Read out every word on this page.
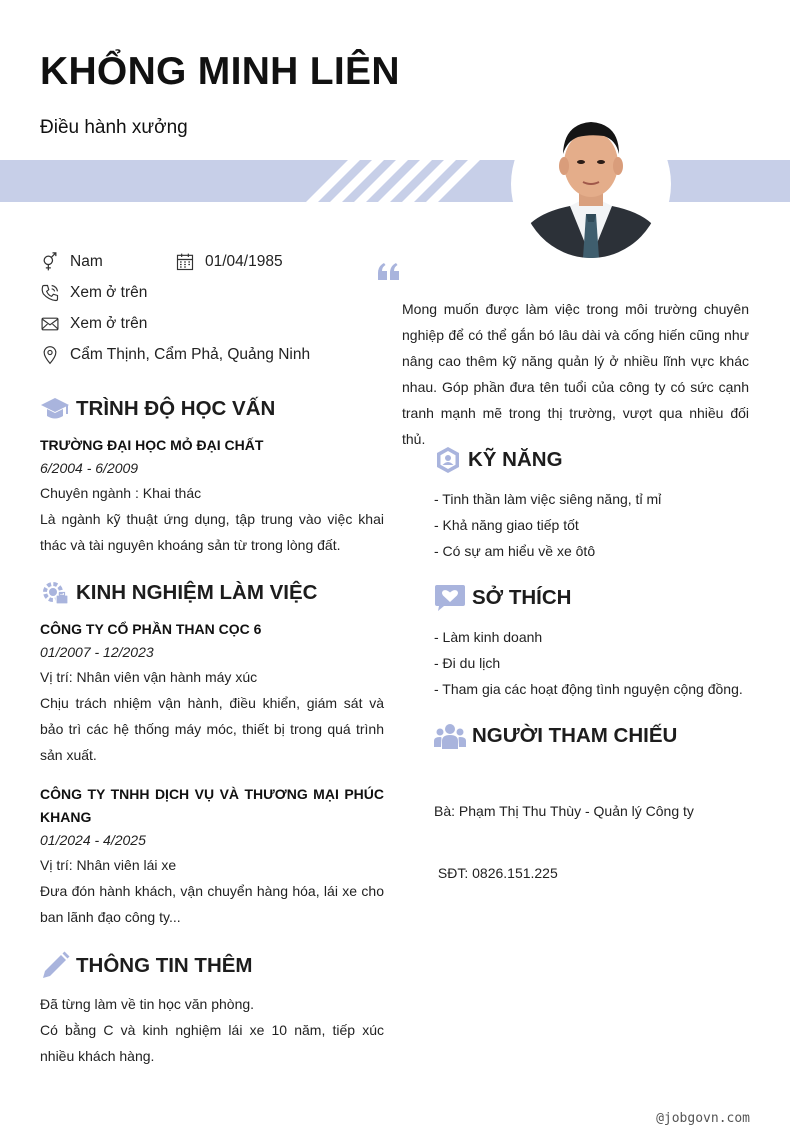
KHỔNG MINH LIÊN
Điều hành xưởng
Nam	01/04/1985
Xem ở trên
Xem ở trên
Cẩm Thịnh, Cẩm Phả, Quảng Ninh
Mong muốn được làm việc trong môi trường chuyên nghiệp để có thể gắn bó lâu dài và cống hiến cũng như nâng cao thêm kỹ năng quản lý ở nhiều lĩnh vực khác nhau. Góp phần đưa tên tuổi của công ty có sức cạnh tranh mạnh mẽ trong thị trường, vượt qua nhiều đối thủ.
TRÌNH ĐỘ HỌC VẤN
TRƯỜNG ĐẠI HỌC MỎ ĐẠI CHẤT
6/2004 - 6/2009
Chuyên ngành : Khai thác
Là ngành kỹ thuật ứng dụng, tập trung vào việc khai thác và tài nguyên khoáng sản từ trong lòng đất.
KINH NGHIỆM LÀM VIỆC
CÔNG TY CỔ PHẦN THAN CỌC 6
01/2007 - 12/2023
Vị trí: Nhân viên vận hành máy xúc
Chịu trách nhiệm vận hành, điều khiển, giám sát và bảo trì các hệ thống máy móc, thiết bị trong quá trình sản xuất.
CÔNG TY TNHH DỊCH VỤ VÀ THƯƠNG MẠI PHÚC KHANG
01/2024 - 4/2025
Vị trí: Nhân viên lái xe
Đưa đón hành khách, vận chuyển hàng hóa, lái xe cho ban lãnh đạo công ty...
THÔNG TIN THÊM
Đã từng làm về tin học văn phòng.
Có bằng C và kinh nghiệm lái xe 10 năm, tiếp xúc nhiều khách hàng.
KỸ NĂNG
- Tinh thần làm việc siêng năng, tỉ mỉ
- Khả năng giao tiếp tốt
- Có sự am hiểu về xe ôtô
SỞ THÍCH
- Làm kinh doanh
- Đi du lịch
- Tham gia các hoạt động tình nguyện cộng đồng.
NGƯỜI THAM CHIẾU

Bà: Phạm Thị Thu Thùy - Quản lý Công ty

SĐT: 0826.151.225

@jobgovn.com
